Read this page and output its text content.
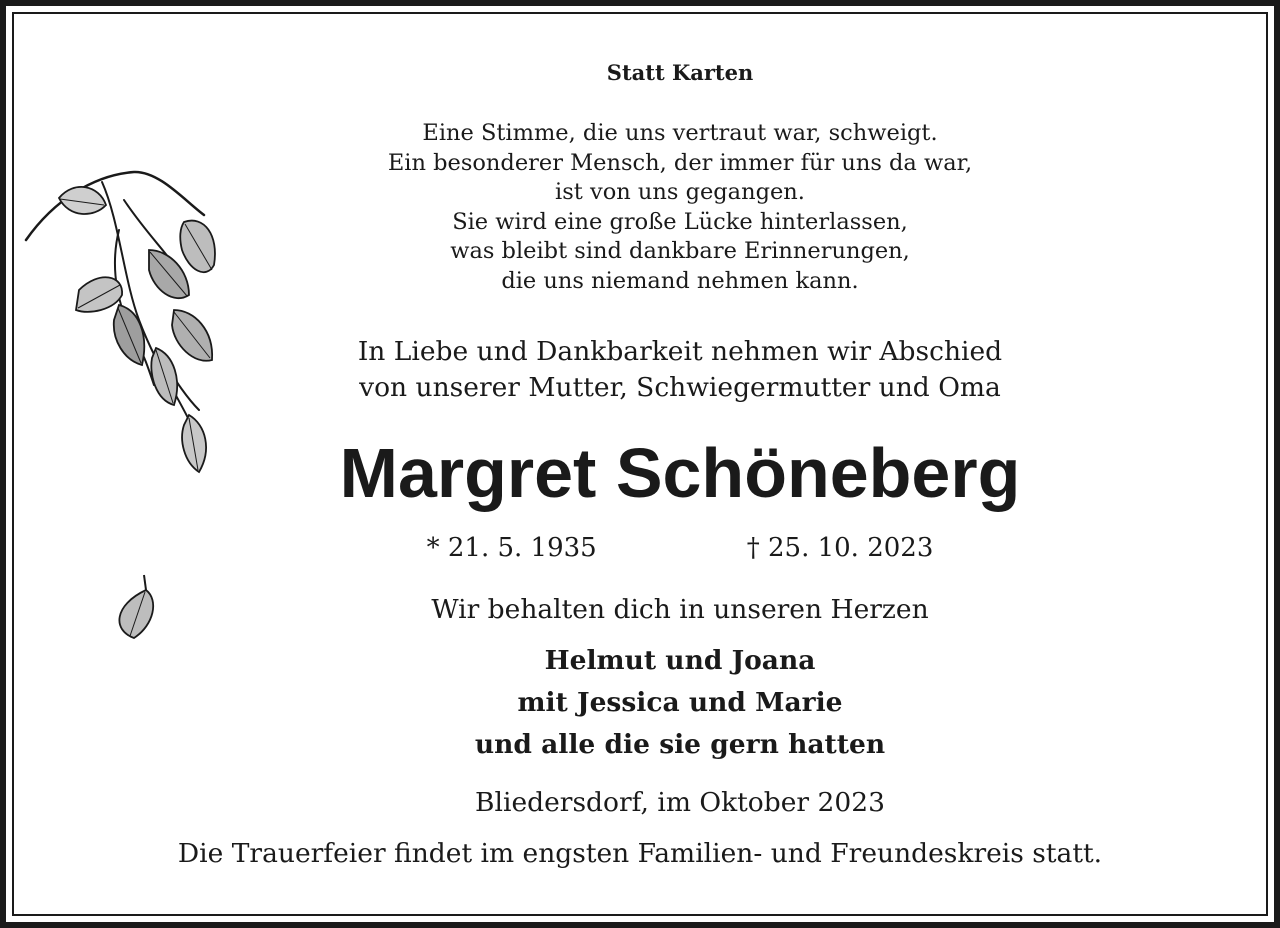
Statt Karten
Eine Stimme, die uns vertraut war, schweigt.
Ein besonderer Mensch, der immer für uns da war,
ist von uns gegangen.
Sie wird eine große Lücke hinterlassen,
was bleibt sind dankbare Erinnerungen,
die uns niemand nehmen kann.
In Liebe und Dankbarkeit nehmen wir Abschied
von unserer Mutter, Schwiegermutter und Oma
Margret Schöneberg
* 21. 5. 1935	† 25. 10. 2023
Wir behalten dich in unseren Herzen
Helmut und Joana
mit Jessica und Marie
und alle die sie gern hatten
Bliedersdorf, im Oktober 2023
Die Trauerfeier findet im engsten Familien- und Freundeskreis statt.
